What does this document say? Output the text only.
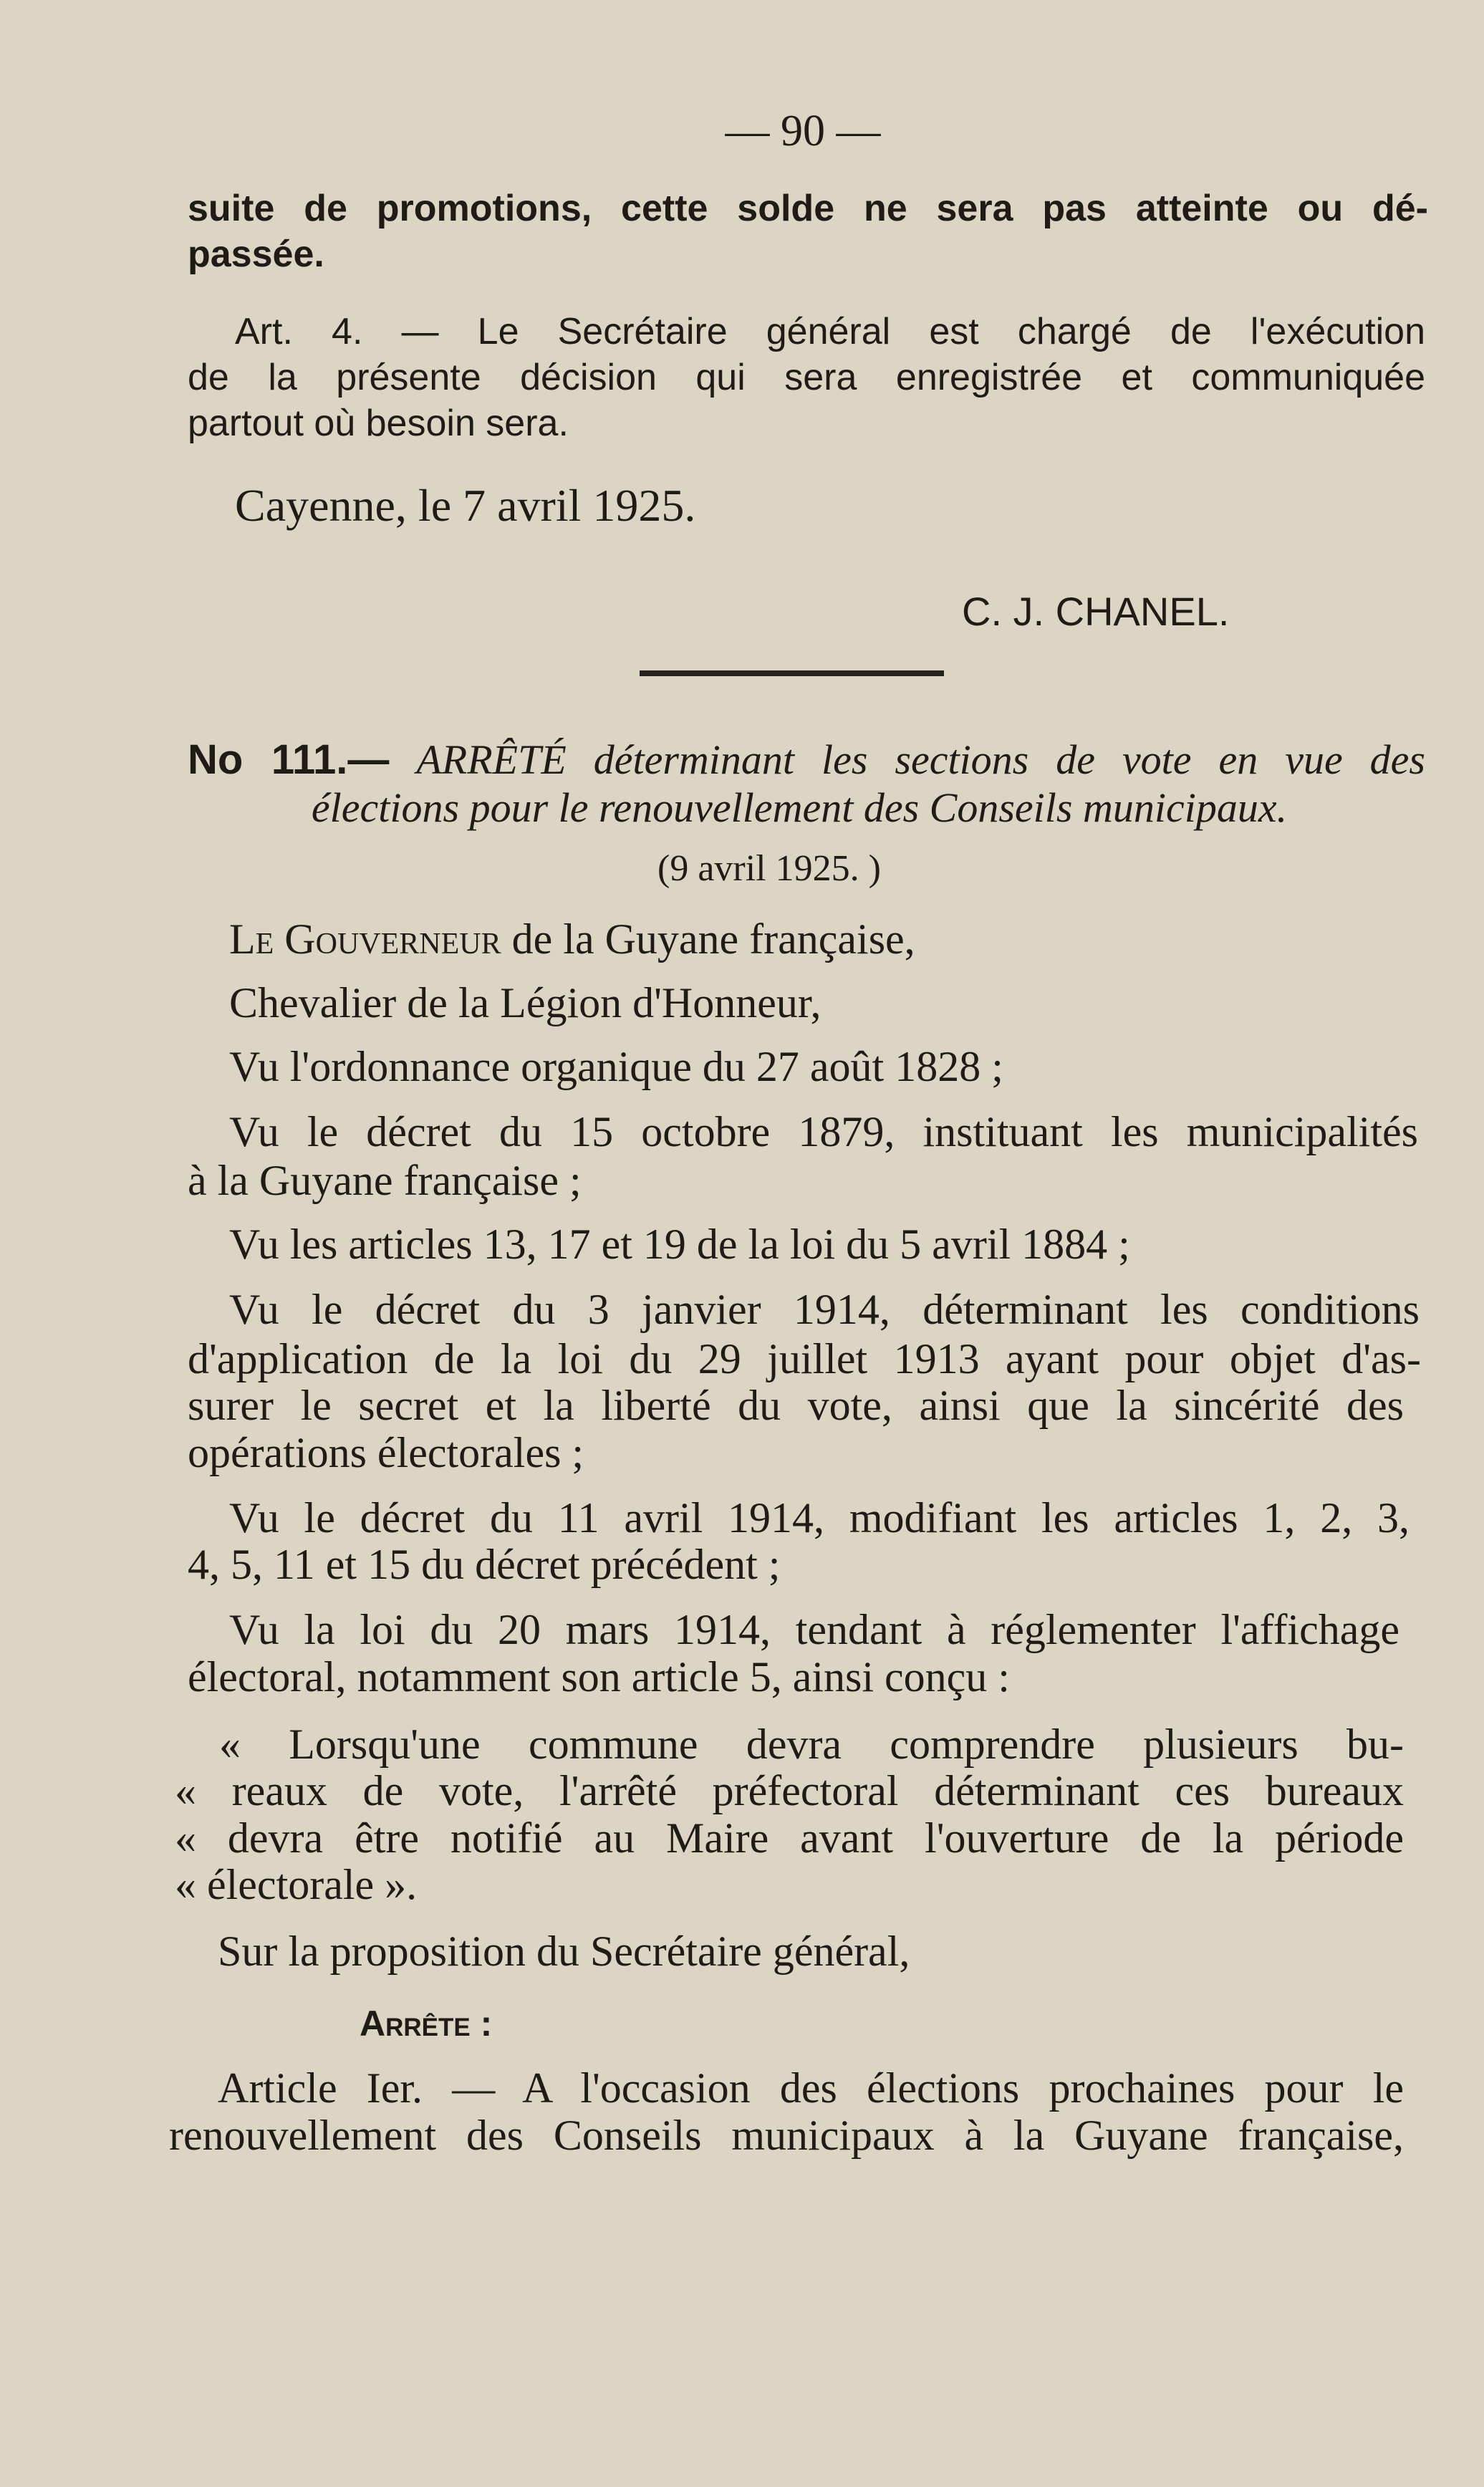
— 90 —
suite de promotions, cette solde ne sera pas atteinte ou dé-
passée.
Art. 4. — Le Secrétaire général est chargé de l'exécution
de la présente décision qui sera enregistrée et communiquée
partout où besoin sera.
Cayenne, le 7 avril 1925.
C. J. CHANEL.
No 111.— ARRÊTÉ déterminant les sections de vote en vue des
élections pour le renouvellement des Conseils municipaux.
(9 avril 1925. )
Le Gouverneur de la Guyane française,
Chevalier de la Légion d'Honneur,
Vu l'ordonnance organique du 27 août 1828 ;
Vu le décret du 15 octobre 1879, instituant les municipalités
à la Guyane française ;
Vu les articles 13, 17 et 19 de la loi du 5 avril 1884 ;
Vu le décret du 3 janvier 1914, déterminant les conditions
d'application de la loi du 29 juillet 1913 ayant pour objet d'as-
surer le secret et la liberté du vote, ainsi que la sincérité des
opérations électorales ;
Vu le décret du 11 avril 1914, modifiant les articles 1, 2, 3,
4, 5, 11 et 15 du décret précédent ;
Vu la loi du 20 mars 1914, tendant à réglementer l'affichage
électoral, notamment son article 5, ainsi conçu :
« Lorsqu'une commune devra comprendre plusieurs bu-
« reaux de vote, l'arrêté préfectoral déterminant ces bureaux
« devra être notifié au Maire avant l'ouverture de la période
« électorale ».
Sur la proposition du Secrétaire général,
Arrête :
Article Ier. — A l'occasion des élections prochaines pour le
renouvellement des Conseils municipaux à la Guyane française,
